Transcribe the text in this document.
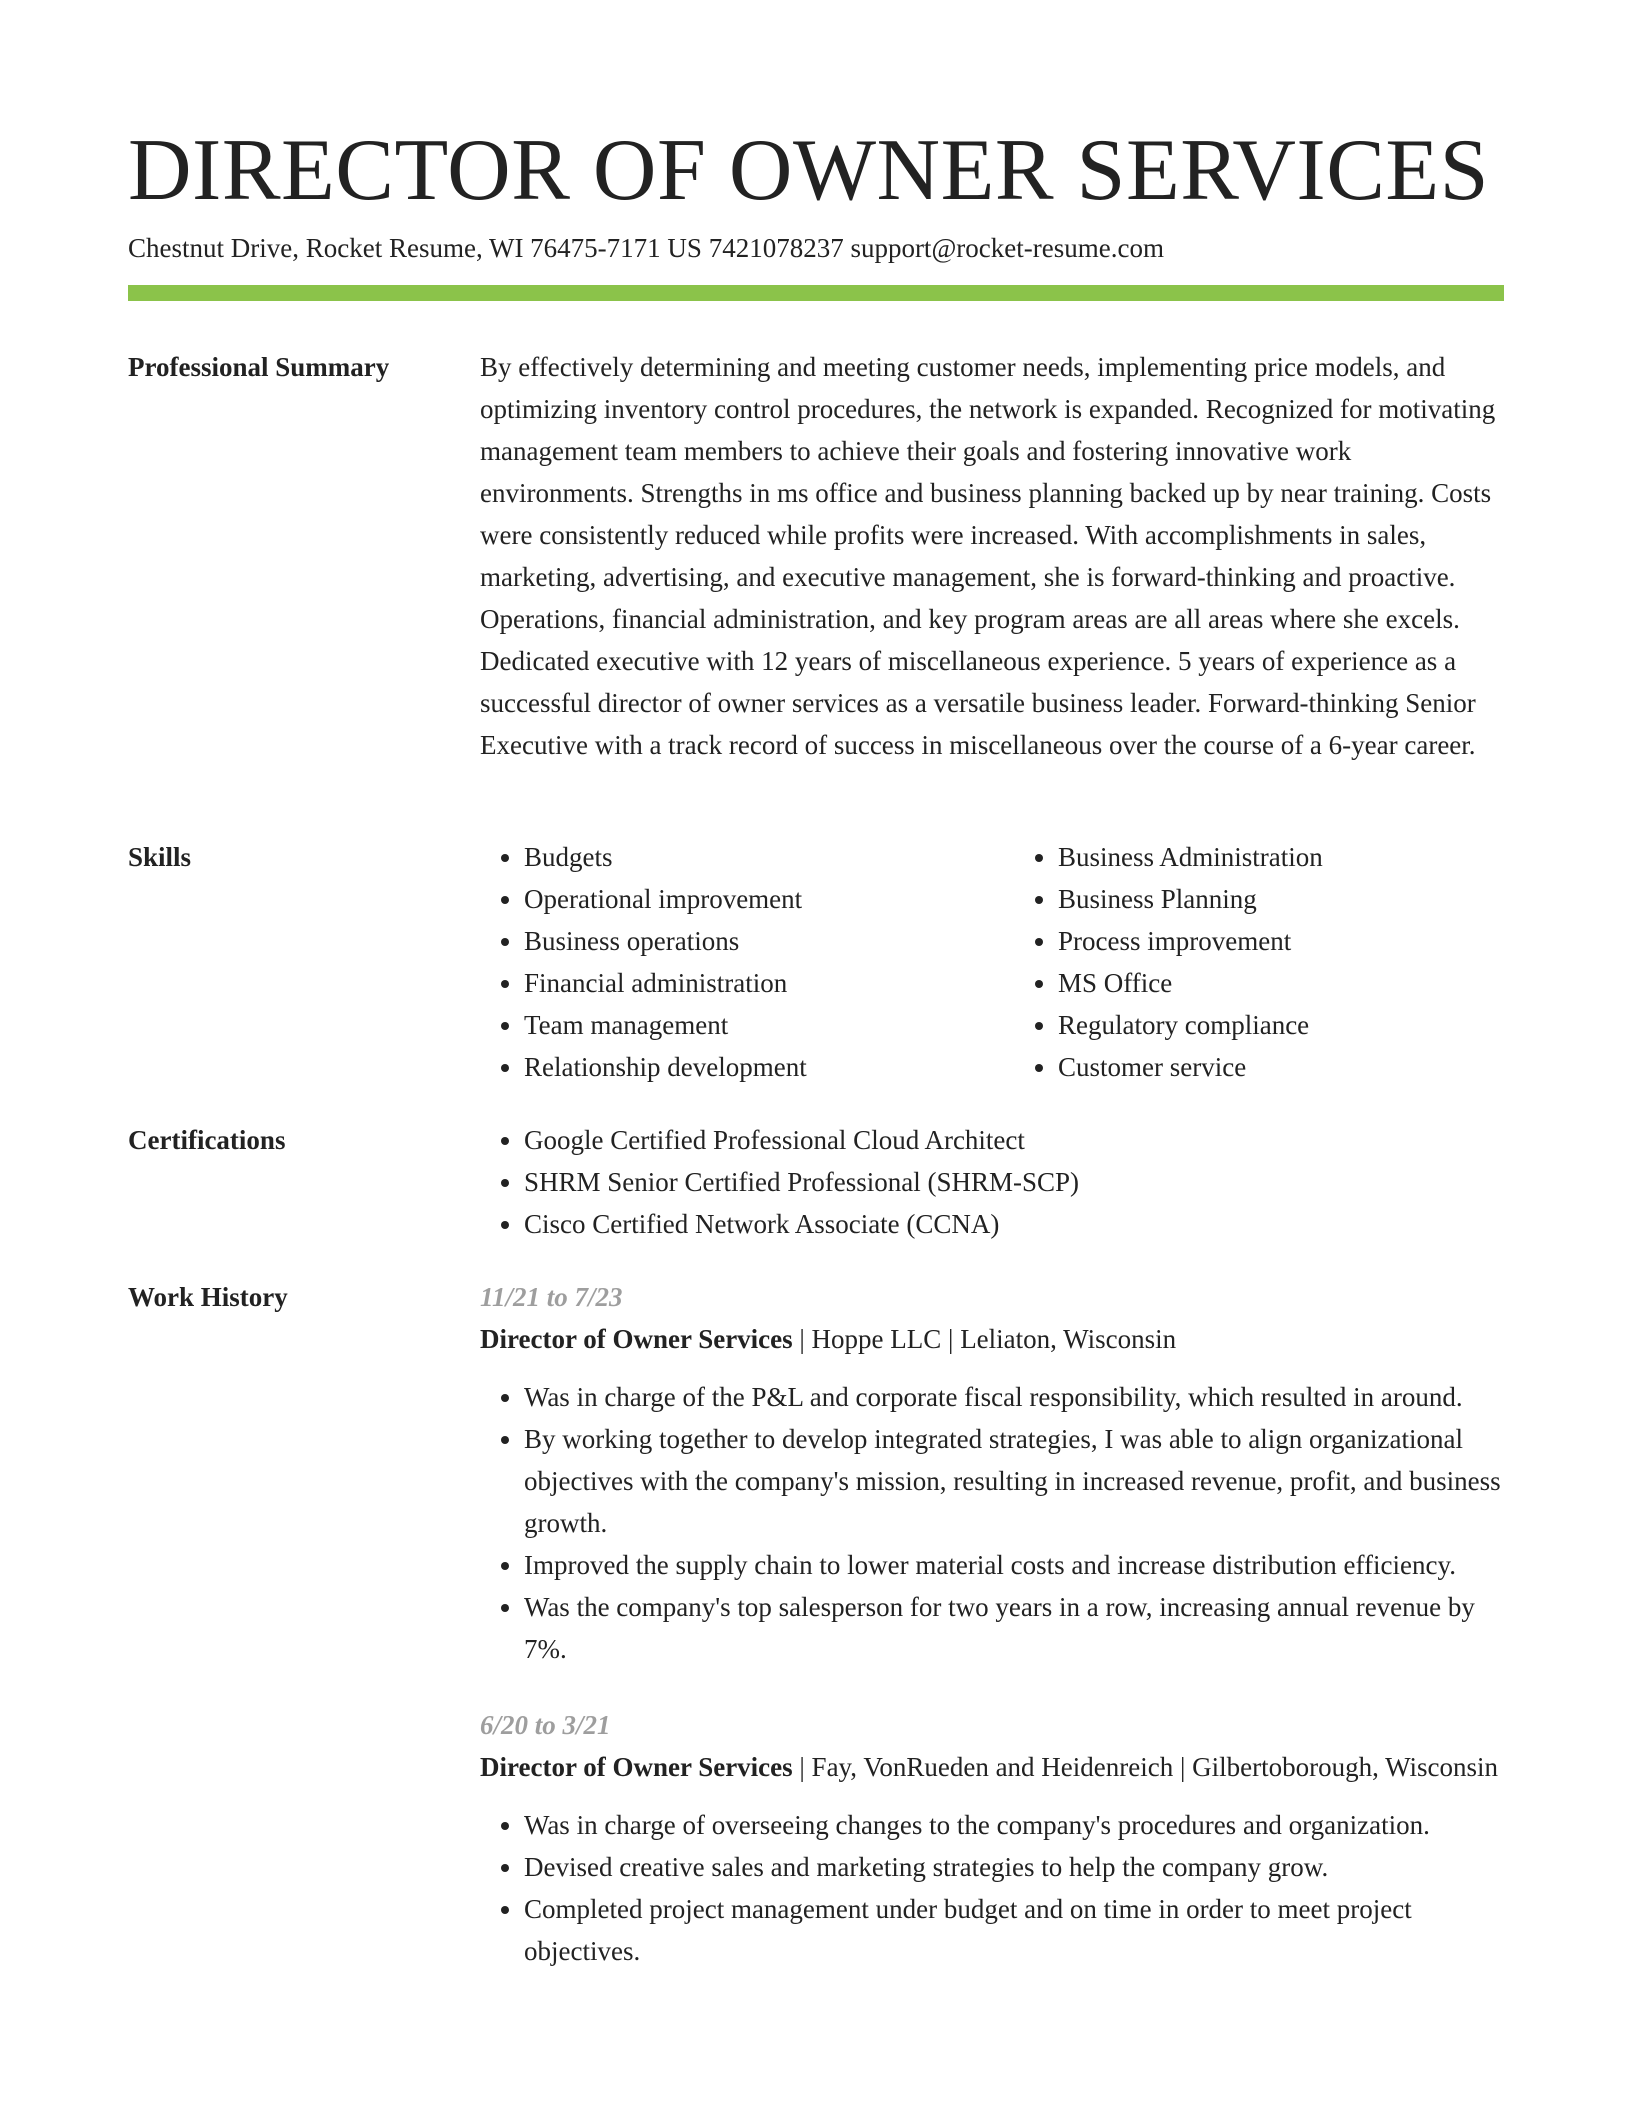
DIRECTOR OF OWNER SERVICES
Chestnut Drive, Rocket Resume, WI 76475-7171 US 7421078237 support@rocket-resume.com
Professional Summary	By effectively determining and meeting customer needs, implementing price models, and optimizing inventory control procedures, the network is expanded. Recognized for motivating management team members to achieve their goals and fostering innovative work environments. Strengths in ms office and business planning backed up by near training. Costs were consistently reduced while profits were increased. With accomplishments in sales, marketing, advertising, and executive management, she is forward-thinking and proactive. Operations, financial administration, and key program areas are all areas where she excels. Dedicated executive with 12 years of miscellaneous experience. 5 years of experience as a successful director of owner services as a versatile business leader. Forward-thinking Senior Executive with a track record of success in miscellaneous over the course of a 6-year career.

Skills	• Budgets
• Operational improvement
• Business operations
• Financial administration
• Team management
• Relationship development
• Business Administration
• Business Planning
• Process improvement
• MS Office
• Regulatory compliance
• Customer service
Certifications	• Google Certified Professional Cloud Architect
• SHRM Senior Certified Professional (SHRM-SCP)
• Cisco Certified Network Associate (CCNA)
Work History	11/21 to 7/23
Director of Owner Services | Hoppe LLC | Leliaton, Wisconsin
• Was in charge of the P&L and corporate fiscal responsibility, which resulted in around.
• By working together to develop integrated strategies, I was able to align organizational objectives with the company's mission, resulting in increased revenue, profit, and business growth.
• Improved the supply chain to lower material costs and increase distribution efficiency.
• Was the company's top salesperson for two years in a row, increasing annual revenue by 7%.
6/20 to 3/21
Director of Owner Services | Fay, VonRueden and Heidenreich | Gilbertoborough, Wisconsin
• Was in charge of overseeing changes to the company's procedures and organization.
• Devised creative sales and marketing strategies to help the company grow.
• Completed project management under budget and on time in order to meet project objectives.
